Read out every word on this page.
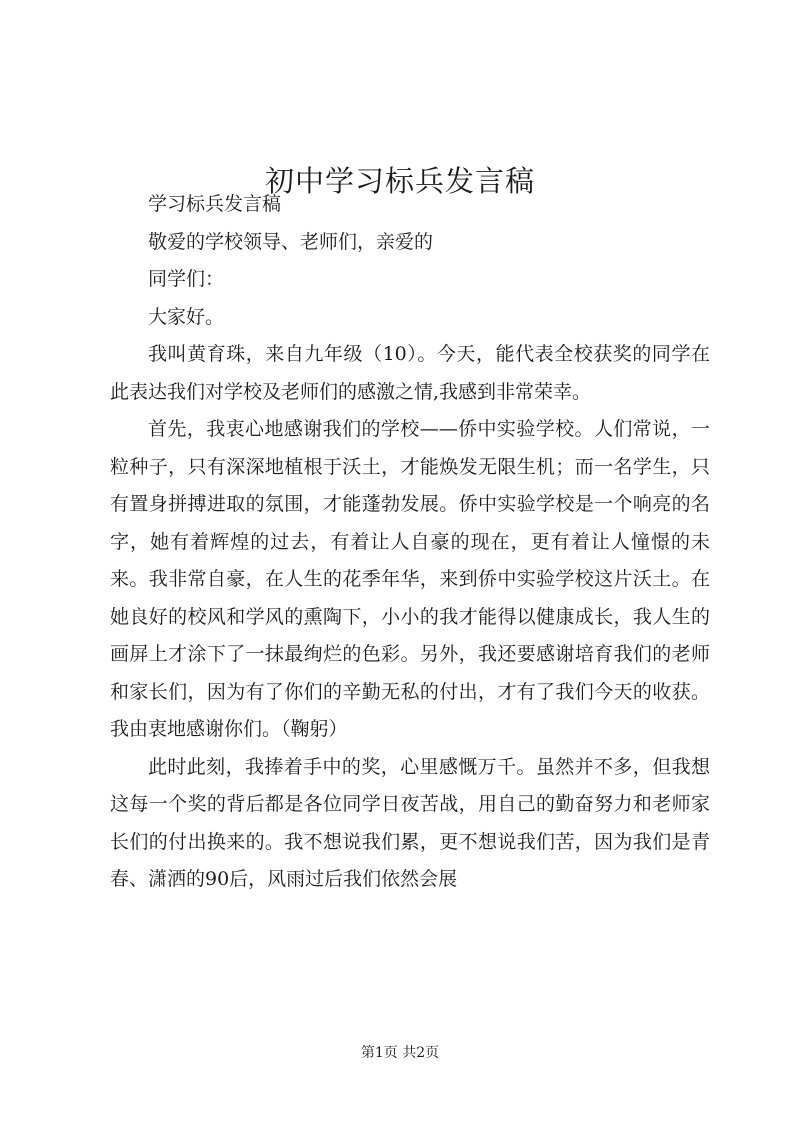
初中学习标兵发言稿

学习标兵发言稿

敬爱的学校领导、老师们，亲爱的

同学们：

大家好。

我叫黄育珠，来自九年级（10）。今天，能代表全校获奖的同学在此表达我们对学校及老师们的感激之情,我感到非常荣幸。

首先，我衷心地感谢我们的学校——侨中实验学校。人们常说，一粒种子，只有深深地植根于沃土，才能焕发无限生机；而一名学生，只有置身拼搏进取的氛围，才能蓬勃发展。侨中实验学校是一个响亮的名字，她有着辉煌的过去，有着让人自豪的现在，更有着让人憧憬的未来。我非常自豪，在人生的花季年华，来到侨中实验学校这片沃土。在她良好的校风和学风的熏陶下，小小的我才能得以健康成长，我人生的画屏上才涂下了一抹最绚烂的色彩。另外，我还要感谢培育我们的老师和家长们，因为有了你们的辛勤无私的付出，才有了我们今天的收获。我由衷地感谢你们。（鞠躬）

此时此刻，我捧着手中的奖，心里感慨万千。虽然并不多，但我想这每一个奖的背后都是各位同学日夜苦战，用自己的勤奋努力和老师家长们的付出换来的。我不想说我们累，更不想说我们苦，因为我们是青春、潇洒的90后，风雨过后我们依然会展

第1页 共2页
